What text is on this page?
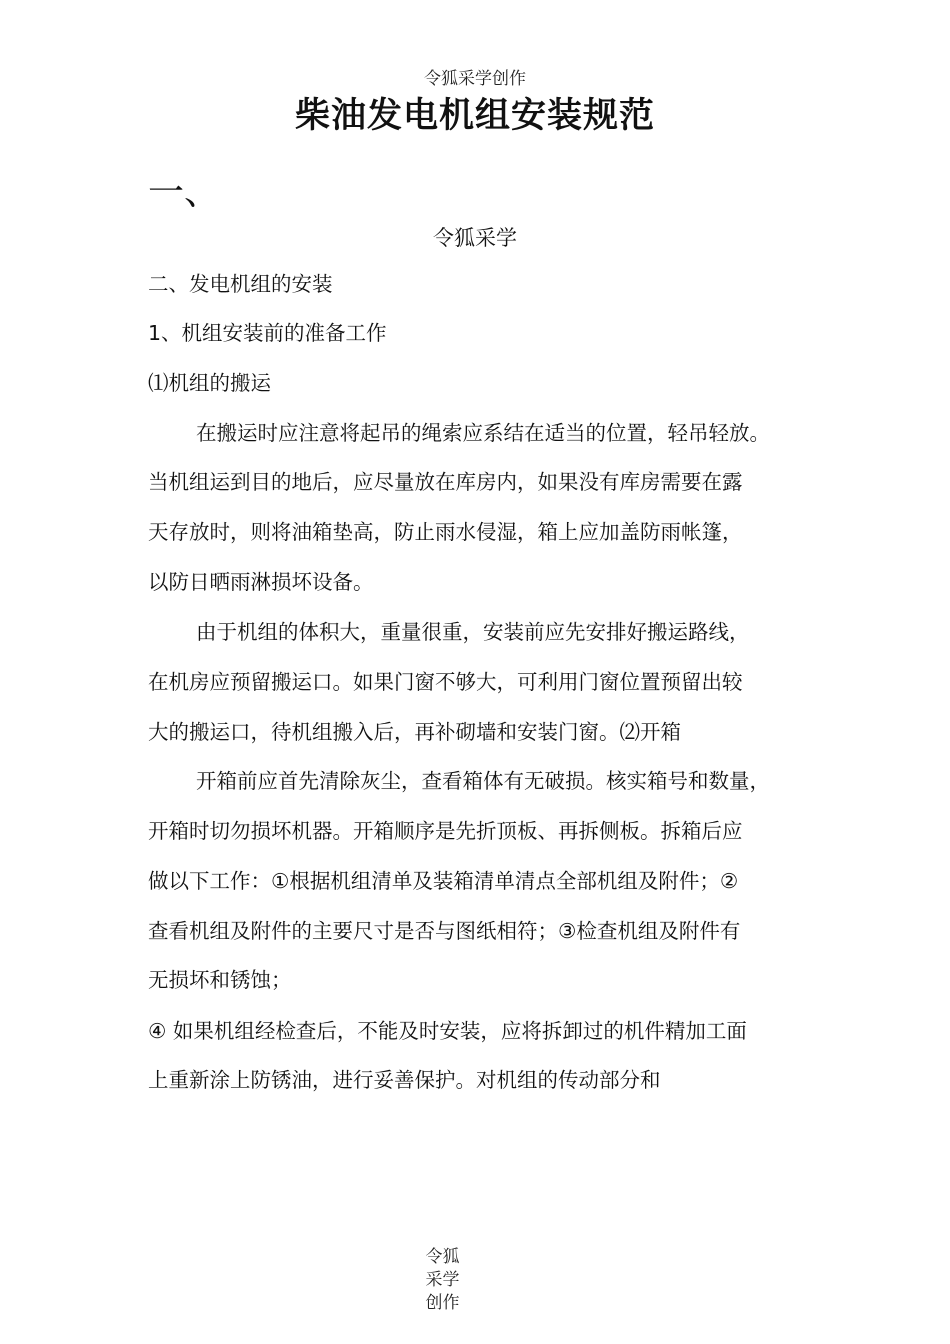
令狐采学创作
柴油发电机组安装规范
一、
令狐采学
二、发电机组的安装
1、机组安装前的准备工作
⑴机组的搬运
在搬运时应注意将起吊的绳索应系结在适当的位置，轻吊轻放。
当机组运到目的地后，应尽量放在库房内，如果没有库房需要在露
天存放时，则将油箱垫高，防止雨水侵湿，箱上应加盖防雨帐篷，
以防日晒雨淋损坏设备。
由于机组的体积大，重量很重，安装前应先安排好搬运路线，
在机房应预留搬运口。如果门窗不够大，可利用门窗位置预留出较
大的搬运口，待机组搬入后，再补砌墙和安装门窗。⑵开箱
开箱前应首先清除灰尘，查看箱体有无破损。核实箱号和数量，
开箱时切勿损坏机器。开箱顺序是先折顶板、再拆侧板。拆箱后应
做以下工作：①根据机组清单及装箱清单清点全部机组及附件；②
查看机组及附件的主要尺寸是否与图纸相符；③检查机组及附件有
无损坏和锈蚀；
④ 如果机组经检查后，不能及时安装，应将拆卸过的机件精加工面
上重新涂上防锈油，进行妥善保护。对机组的传动部分和
令狐
采学
创作
